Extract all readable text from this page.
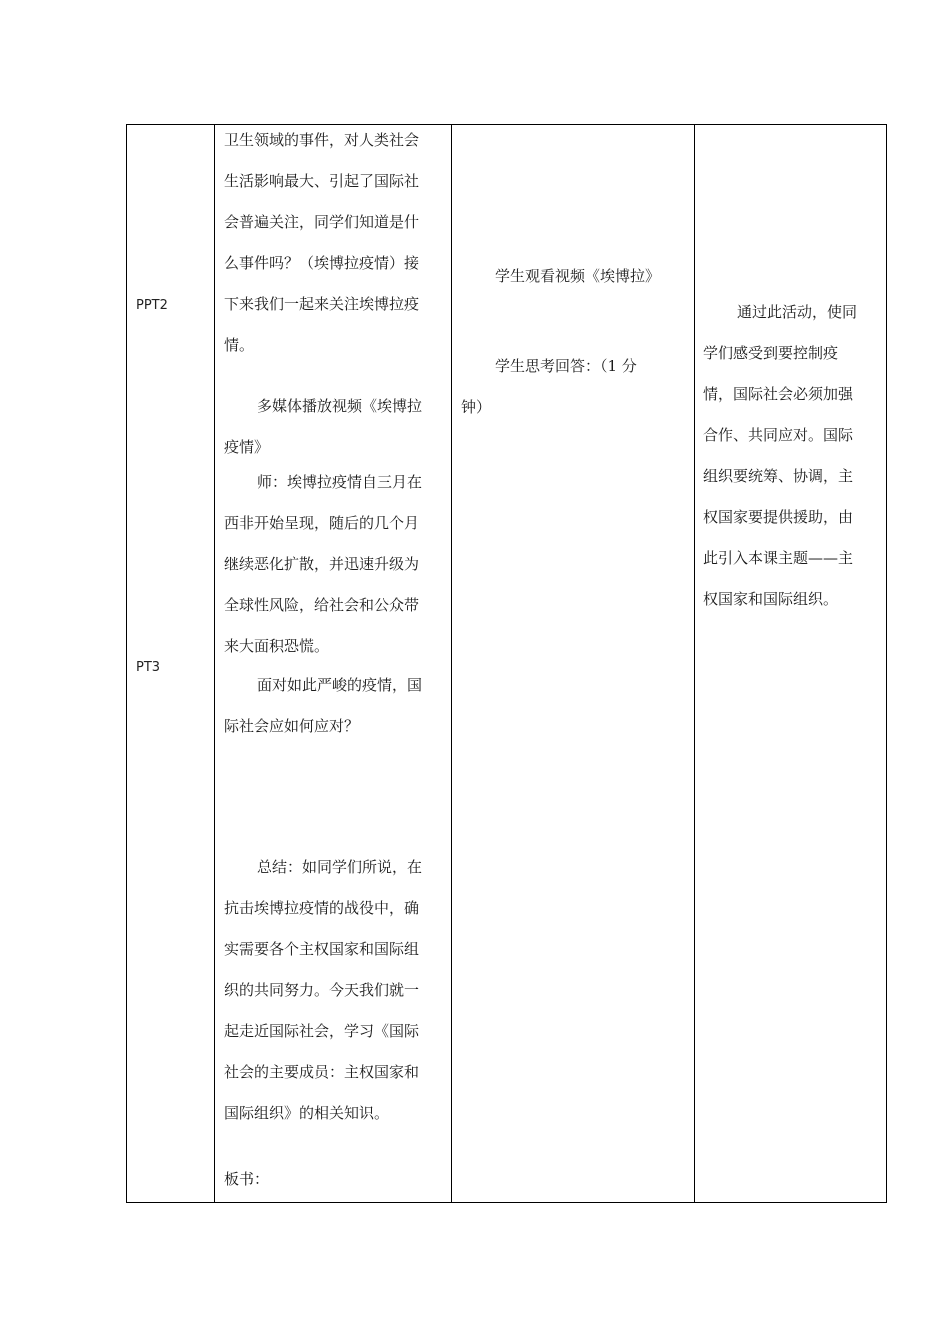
PPT2
PT3
卫生领域的事件，对人类社会
生活影响最大、引起了国际社
会普遍关注，同学们知道是什
么事件吗？（埃博拉疫情）接
下来我们一起来关注埃博拉疫
情。
多媒体播放视频《埃博拉
疫情》
师：埃博拉疫情自三月在
西非开始呈现，随后的几个月
继续恶化扩散，并迅速升级为
全球性风险，给社会和公众带
来大面积恐慌。
面对如此严峻的疫情，国
际社会应如何应对？
总结：如同学们所说，在
抗击埃博拉疫情的战役中，确
实需要各个主权国家和国际组
织的共同努力。今天我们就一
起走近国际社会，学习《国际
社会的主要成员：主权国家和
国际组织》的相关知识。
板书：
学生观看视频《埃博拉》
学生思考回答：（1 分
钟）
通过此活动，使同
学们感受到要控制疫
情，国际社会必须加强
合作、共同应对。国际
组织要统筹、协调，主
权国家要提供援助，由
此引入本课主题——主
权国家和国际组织。
